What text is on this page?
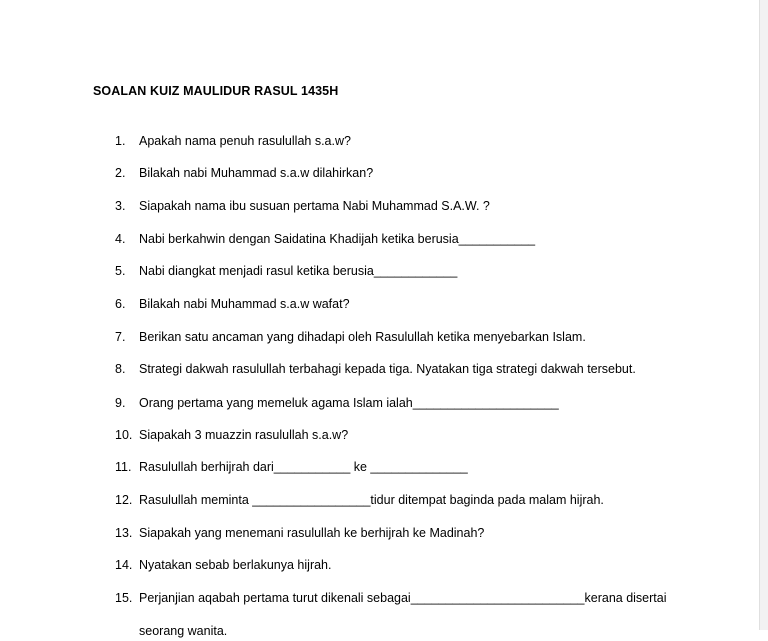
SOALAN KUIZ MAULIDUR RASUL 1435H
1.	Apakah nama penuh rasulullah s.a.w?
2.	Bilakah nabi Muhammad s.a.w dilahirkan?
3.	Siapakah nama ibu susuan pertama Nabi Muhammad S.A.W. ?
4.	Nabi berkahwin dengan Saidatina Khadijah ketika berusia___________
5.	Nabi diangkat menjadi rasul ketika berusia____________
6.	Bilakah nabi Muhammad s.a.w wafat?
7.	Berikan satu ancaman yang dihadapi oleh Rasulullah ketika menyebarkan Islam.
8.	Strategi dakwah rasulullah terbahagi kepada tiga. Nyatakan tiga strategi dakwah tersebut.
9.	Orang pertama yang memeluk agama Islam ialah_____________________
10. Siapakah 3 muazzin rasulullah s.a.w?
11. Rasulullah berhijrah dari___________ ke ______________
12. Rasulullah meminta _________________tidur ditempat baginda pada malam hijrah.
13. Siapakah yang menemani rasulullah ke berhijrah ke Madinah?
14. Nyatakan sebab berlakunya hijrah.
15. Perjanjian aqabah pertama turut dikenali sebagai_________________________kerana disertai
seorang wanita.
